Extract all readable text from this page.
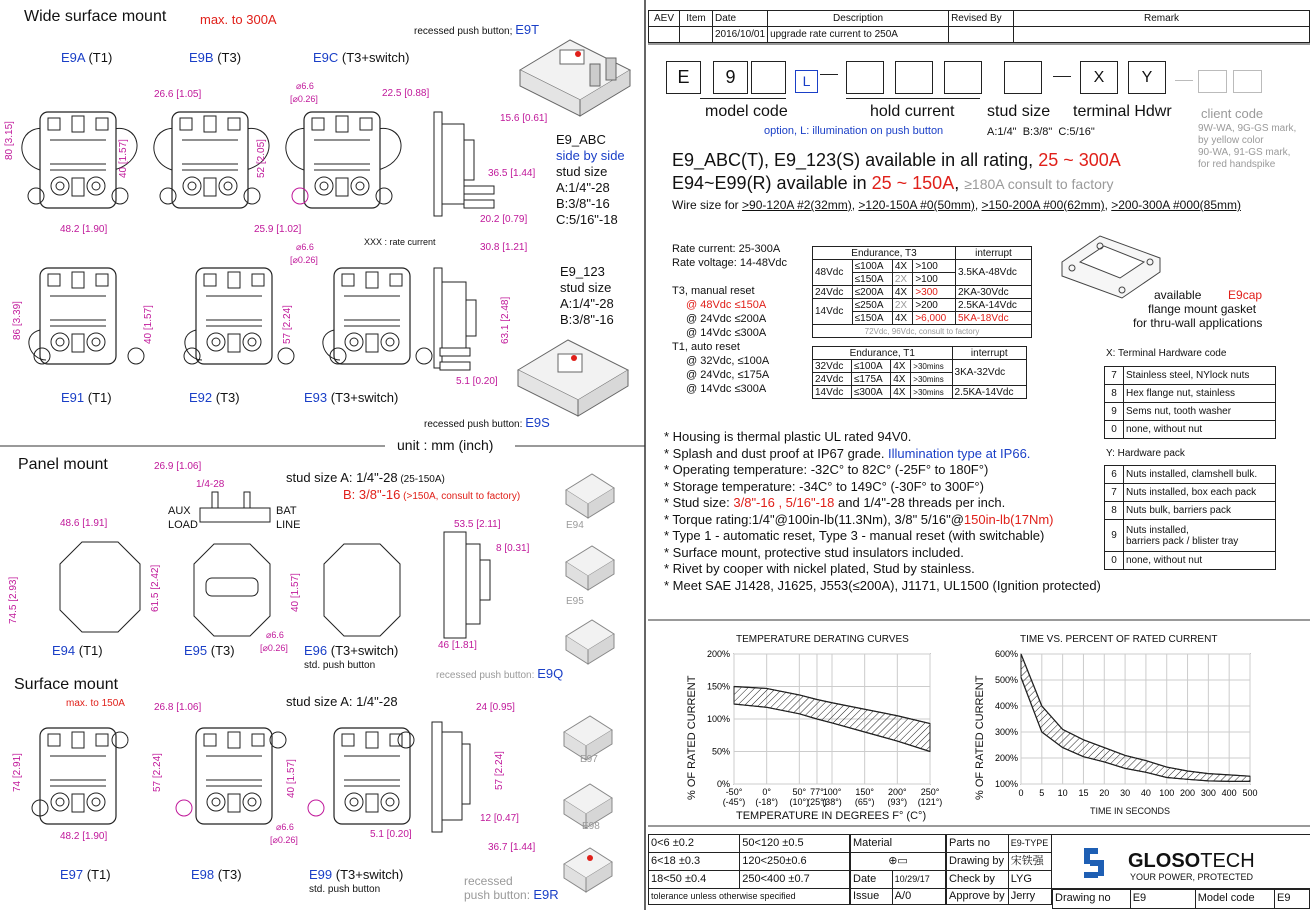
Wide surface mount	max. to 300A
E9A (T1)	E9B (T3)	E9C (T3+switch)
recessed push button; E9T
26.6 [1.05]
⌀6.6
[⌀0.26]	22.5 [0.88]
15.6 [0.61]
80 [3.15]	40 [1.57]	52 [2.05]	36.5 [1.44]
48.2 [1.90]	25.9 [1.02]
20.2 [0.79]
⌀6.6
[⌀0.26]
30.8 [1.21]
86 [3.39]	40 [1.57]	57 [2.24]	63.1 [2.48]
5.1 [0.20]
XXX : rate current
E9_ABC
side by side
stud size
A:1/4"-28
B:3/8"-16
C:5/16"-18
E9_123
stud size
A:1/4"-28
B:3/8"-16
E91 (T1)	E92 (T3)	E93 (T3+switch)
recessed push button: E9S
unit : mm (inch)
Panel mount
stud size A: 1/4"-28 (25-150A)
B: 3/8"-16 (>150A, consult to factory)
26.9 [1.06]
1/4-28
AUX
LOAD
BAT
LINE
48.6 [1.91]
74.5 [2.93]	61.5 [2.42]	40 [1.57]
⌀6.6
[⌀0.26]
53.5 [2.11]
8 [0.31]
46 [1.81]
E94
E95
E94 (T1)	E95 (T3)	E96 (T3+switch)
std. push button
recessed push button: E9Q
Surface mount
max. to 150A	stud size A: 1/4"-28
26.8 [1.06]	24 [0.95]
74 [2.91]	57 [2.24]	40 [1.57]	57 [2.24]
⌀6.6
[⌀0.26]
12 [0.47]
48.2 [1.90]	5.1 [0.20]
36.7 [1.44]
E97
E98
E97 (T1)	E98 (T3)	E99 (T3+switch)
std. push button
recessed
push button: E9R
AEV	Item	Date	Description	Revised By	Remark
		2016/10/01	upgrade rate current to 250A		
E	9	L	X	Y
model code	hold current stud size terminal Hdwr client code
option, L: illumination on push button	A:1/4"  B:3/8"  C:5/16"	9W-WA, 9G-GS mark,
by yellow color
90-WA, 91-GS mark,
for red handspike
E9_ABC(T), E9_123(S) available in all rating, 25 ~ 300A
E94~E99(R) available in 25 ~ 150A, ≥180A consult to factory
Wire size for >90-120A #2(32mm), >120-150A #0(50mm), >150-200A #00(62mm), >200-300A #000(85mm)
Rate current: 25-300A
Rate voltage: 14-48Vdc
T3, manual reset
@ 48Vdc ≤150A
@ 24Vdc ≤200A
@ 14Vdc ≤300A
T1, auto reset
@ 32Vdc, ≤100A
@ 24Vdc, ≤175A
@ 14Vdc ≤300A
Endurance, T3				interrupt
48Vdc	≤100A	4X	>100	3.5KA-48Vdc
	≤150A	2X	>100	
24Vdc	≤200A	4X	>300	2KA-30Vdc
14Vdc	≤250A	2X	>200	2.5KA-14Vdc
	≤150A	4X	>6,000	5KA-18Vdc
72Vdc, 96Vdc, consult to factory				
Endurance, T1				interrupt
32Vdc	≤100A	4X	>30mins	3KA-32Vdc
24Vdc	≤175A	4X	>30mins	
14Vdc	≤300A	4X	>30mins	2.5KA-14Vdc
available E9cap
flange mount gasket
for thru-wall applications
X: Terminal Hardware code
7	Stainless steel, NYlock nuts
8	Hex flange nut, stainless
9	Sems nut, tooth washer
0	none, without nut
Y: Hardware pack
6	Nuts installed, clamshell bulk.
7	Nuts installed, box each pack
8	Nuts bulk, barriers pack
9	Nuts installed,
barriers pack / blister tray
0	none, without nut
* Housing is thermal plastic UL rated 94V0.
* Splash and dust proof at IP67 grade. Illumination type at IP66.
* Operating temperature: -32C° to 82C° (-25F° to 180F°)
* Storage temperature: -34C° to 149C° (-30F° to 300F°)
* Stud size: 3/8"-16 , 5/16"-18 and 1/4"-28 threads per inch.
* Torque rating:1/4"@100in-lb(11.3Nm), 3/8" 5/16"@150in-lb(17Nm)
* Type 1 - automatic reset, Type 3 - manual reset (with switchable)
* Surface mount, protective stud insulators included.
* Rivet by cooper with nickel plated, Stud by stainless.
* Meet SAE J1428, J1625, J553(≤200A), J1171, UL1500 (Ignition protected)
TEMPERATURE DERATING CURVES
% OF RATED CURRENT
TEMPERATURE IN DEGREES F° (C°)
0%
50%
100%
150%
200%
-50°
(-45°)
0°
(-18°)
50°
(10°)
77°
(25°)
100°
(38°)
150°
(65°)
200°
(93°)
250°
(121°)
TIME VS. PERCENT OF RATED CURRENT
% OF RATED CURRENT
TIME IN SECONDS
100%
200%
300%
400%
500%
600%
0 5 10 15 20 30 40 100 200 300 400 500
0<6 ±0.2	50<120 ±0.5
6<18 ±0.3	120<250±0.6
18<50 ±0.4	250<400 ±0.7
tolerance unless otherwise specified	
Material	
⊕▭	
Date	10/29/17
Issue	A/0
Parts no	E9-TYPE
Drawing by	宋铁强
Check by	LYG
Approve by	Jerry
GLOSOTECH
YOUR POWER, PROTECTED
Drawing no	E9	Model code	E9
